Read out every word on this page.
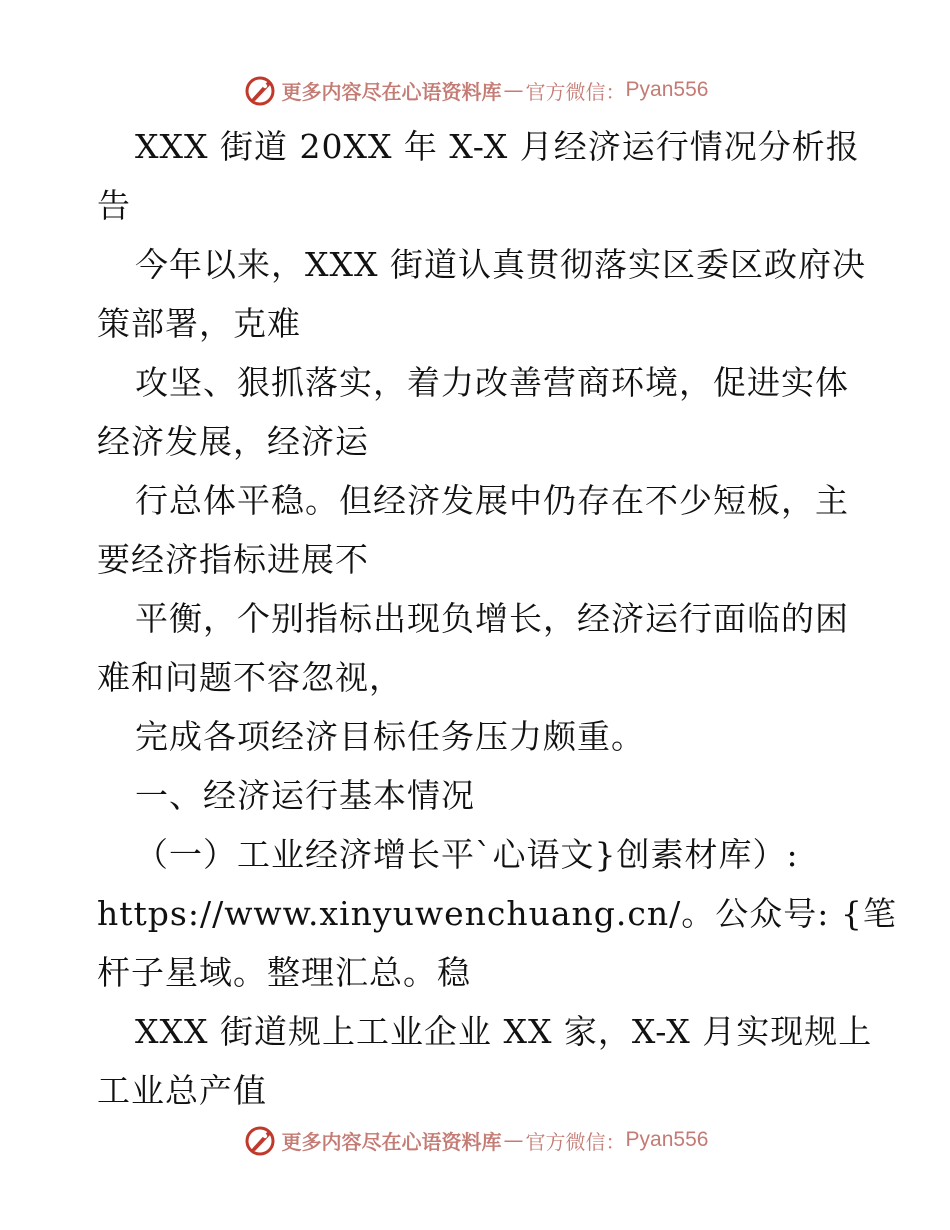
更多内容尽在心语资料库 — 官方微信： Pyan556
XXX 街道 20XX 年 X-X 月经济运行情况分析报
告
今年以来，XXX 街道认真贯彻落实区委区政府决
策部署，克难
攻坚、狠抓落实，着力改善营商环境，促进实体
经济发展，经济运
行总体平稳。但经济发展中仍存在不少短板，主
要经济指标进展不
平衡，个别指标出现负增长，经济运行面临的困
难和问题不容忽视，
完成各项经济目标任务压力颇重。
一、经济运行基本情况
（一）工业经济增长平`心语文}创素材库）:
https://www.xinyuwenchuang.cn/。公众号: {笔
杆子星域。整理汇总。稳
XXX 街道规上工业企业 XX 家，X-X 月实现规上
工业总产值
更多内容尽在心语资料库 — 官方微信： Pyan556
